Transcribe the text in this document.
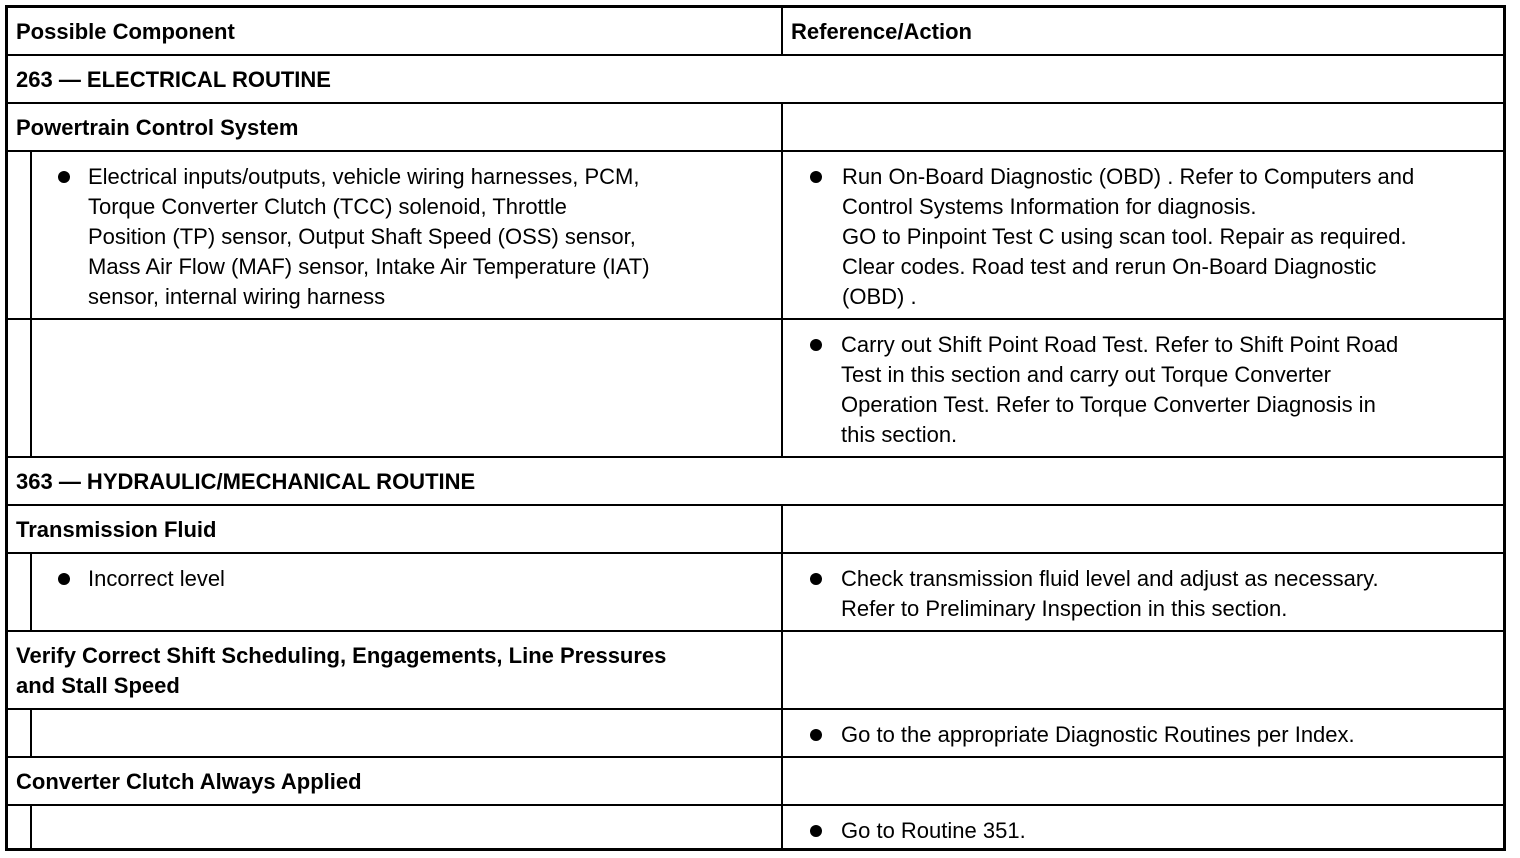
Possible Component	Reference/Action
263 — ELECTRICAL ROUTINE
Powertrain Control System
Electrical inputs/outputs, vehicle wiring harnesses, PCM,
Torque Converter Clutch (TCC) solenoid, Throttle
Position (TP) sensor, Output Shaft Speed (OSS) sensor,
Mass Air Flow (MAF) sensor, Intake Air Temperature (IAT)
sensor, internal wiring harness
Run On-Board Diagnostic (OBD) . Refer to Computers and
Control Systems Information for diagnosis.
GO to Pinpoint Test C using scan tool. Repair as required.
Clear codes. Road test and rerun On-Board Diagnostic
(OBD) .
Carry out Shift Point Road Test. Refer to Shift Point Road
Test in this section and carry out Torque Converter
Operation Test. Refer to Torque Converter Diagnosis in
this section.
363 — HYDRAULIC/MECHANICAL ROUTINE
Transmission Fluid
Incorrect level	Check transmission fluid level and adjust as necessary.
Refer to Preliminary Inspection in this section.
Verify Correct Shift Scheduling, Engagements, Line Pressures
and Stall Speed
Go to the appropriate Diagnostic Routines per Index.
Converter Clutch Always Applied
Go to Routine 351.
